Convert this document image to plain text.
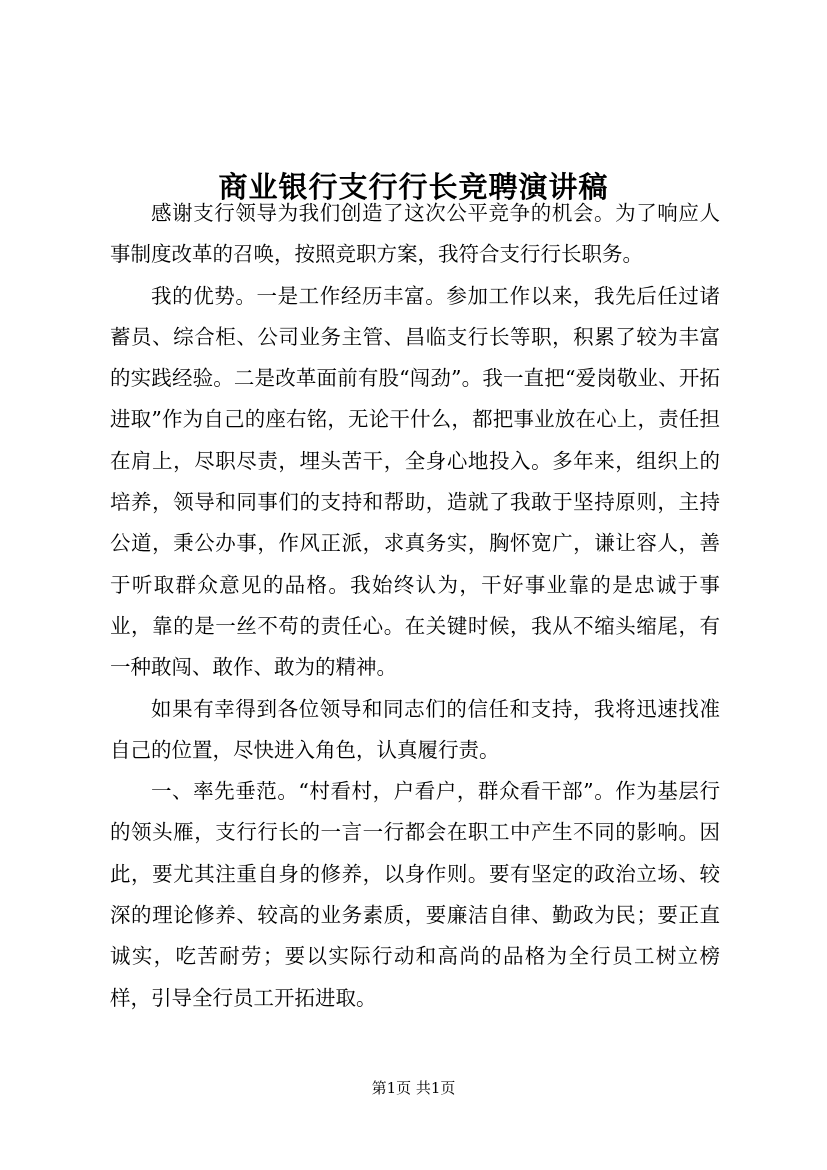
商业银行支行行长竞聘演讲稿

感谢支行领导为我们创造了这次公平竞争的机会。为了响应人事制度改革的召唤，按照竞职方案，我符合支行行长职务。

我的优势。一是工作经历丰富。参加工作以来，我先后任过诸蓄员、综合柜、公司业务主管、昌临支行长等职，积累了较为丰富的实践经验。二是改革面前有股“闯劲”。我一直把“爱岗敬业、开拓进取”作为自己的座右铭，无论干什么，都把事业放在心上，责任担在肩上，尽职尽责，埋头苦干，全身心地投入。多年来，组织上的培养，领导和同事们的支持和帮助，造就了我敢于坚持原则，主持公道，秉公办事，作风正派，求真务实，胸怀宽广，谦让容人，善于听取群众意见的品格。我始终认为，干好事业靠的是忠诚于事业，靠的是一丝不苟的责任心。在关键时候，我从不缩头缩尾，有一种敢闯、敢作、敢为的精神。

如果有幸得到各位领导和同志们的信任和支持，我将迅速找准自己的位置，尽快进入角色，认真履行责。

一、率先垂范。“村看村，户看户，群众看干部”。作为基层行的领头雁，支行行长的一言一行都会在职工中产生不同的影响。因此，要尤其注重自身的修养，以身作则。要有坚定的政治立场、较深的理论修养、较高的业务素质，要廉洁自律、勤政为民；要正直诚实，吃苦耐劳；要以实际行动和高尚的品格为全行员工树立榜样，引导全行员工开拓进取。

第1页 共1页
